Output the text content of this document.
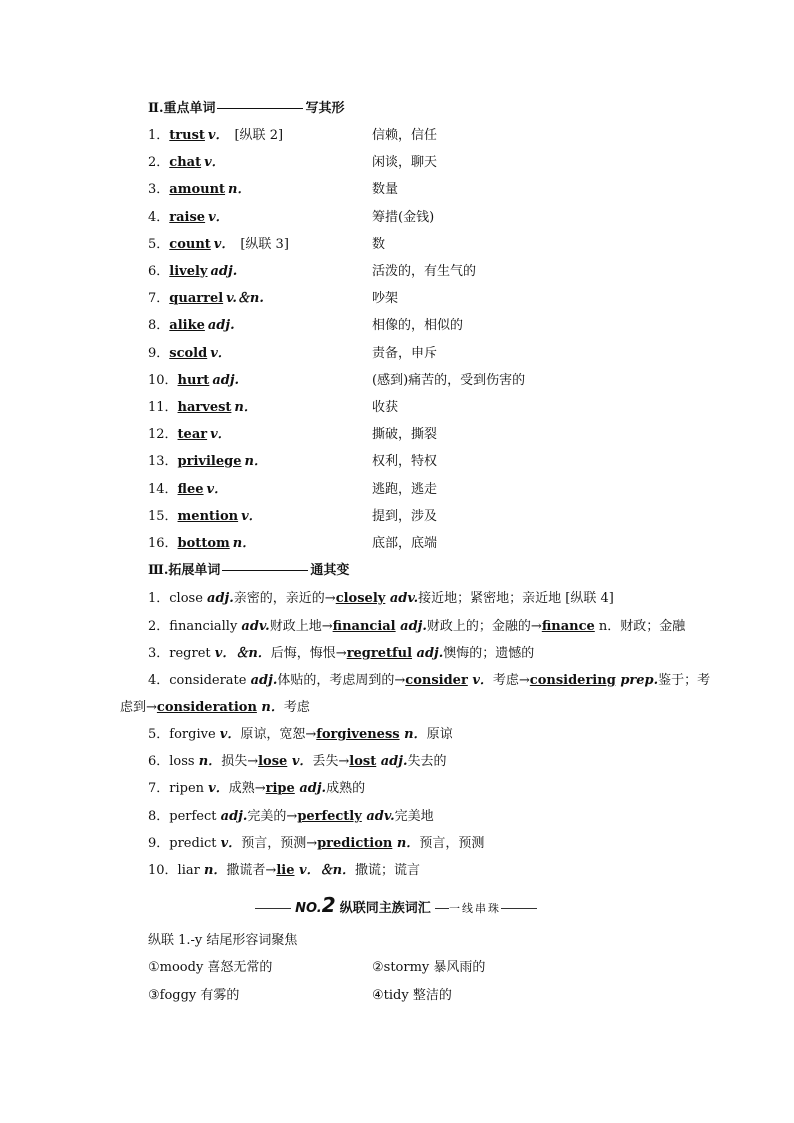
Ⅱ.重点单词	写其形
1．trust v． [纵联 2]	信赖，信任
2．chat v．	闲谈，聊天
3．amount n．	数量
4．raise v．	筹措(金钱)
5．count v． [纵联 3]	数
6．lively adj.	活泼的，有生气的
7．quarrel v.＆n.	吵架
8．alike adj.	相像的，相似的
9．scold v．	责备，申斥
10．hurt adj.	(感到)痛苦的，受到伤害的
11．harvest n．	收获
12．tear v．	撕破，撕裂
13．privilege n．	权利，特权
14．flee v．	逃跑，逃走
15．mention v．	提到，涉及
16．bottom n．	底部，底端
Ⅲ.拓展单词	通其变
1．close adj.亲密的，亲近的→closely adv.接近地；紧密地；亲近地 [纵联 4]
2．financially adv.财政上地→financial adj.财政上的；金融的→finance n．财政；金融
3．regret v．＆n．后悔，悔恨→regretful adj.懊悔的；遗憾的
4．considerate adj.体贴的，考虑周到的→consider v．考虑→considering prep.鉴于；考
虑到→consideration n．考虑
5．forgive v．原谅，宽恕→forgiveness n．原谅
6．loss n．损失→lose v．丢失→lost adj.失去的
7．ripen v．成熟→ripe adj.成熟的
8．perfect adj.完美的→perfectly adv.完美地
9．predict v．预言，预测→prediction n．预言，预测
10．liar n．撒谎者→lie v．＆n．撒谎；谎言
NO.2 纵联同主族词汇 一线串珠
纵联 1.-y 结尾形容词聚焦
①moody 喜怒无常的	②stormy 暴风雨的
③foggy 有雾的	④tidy 整洁的
